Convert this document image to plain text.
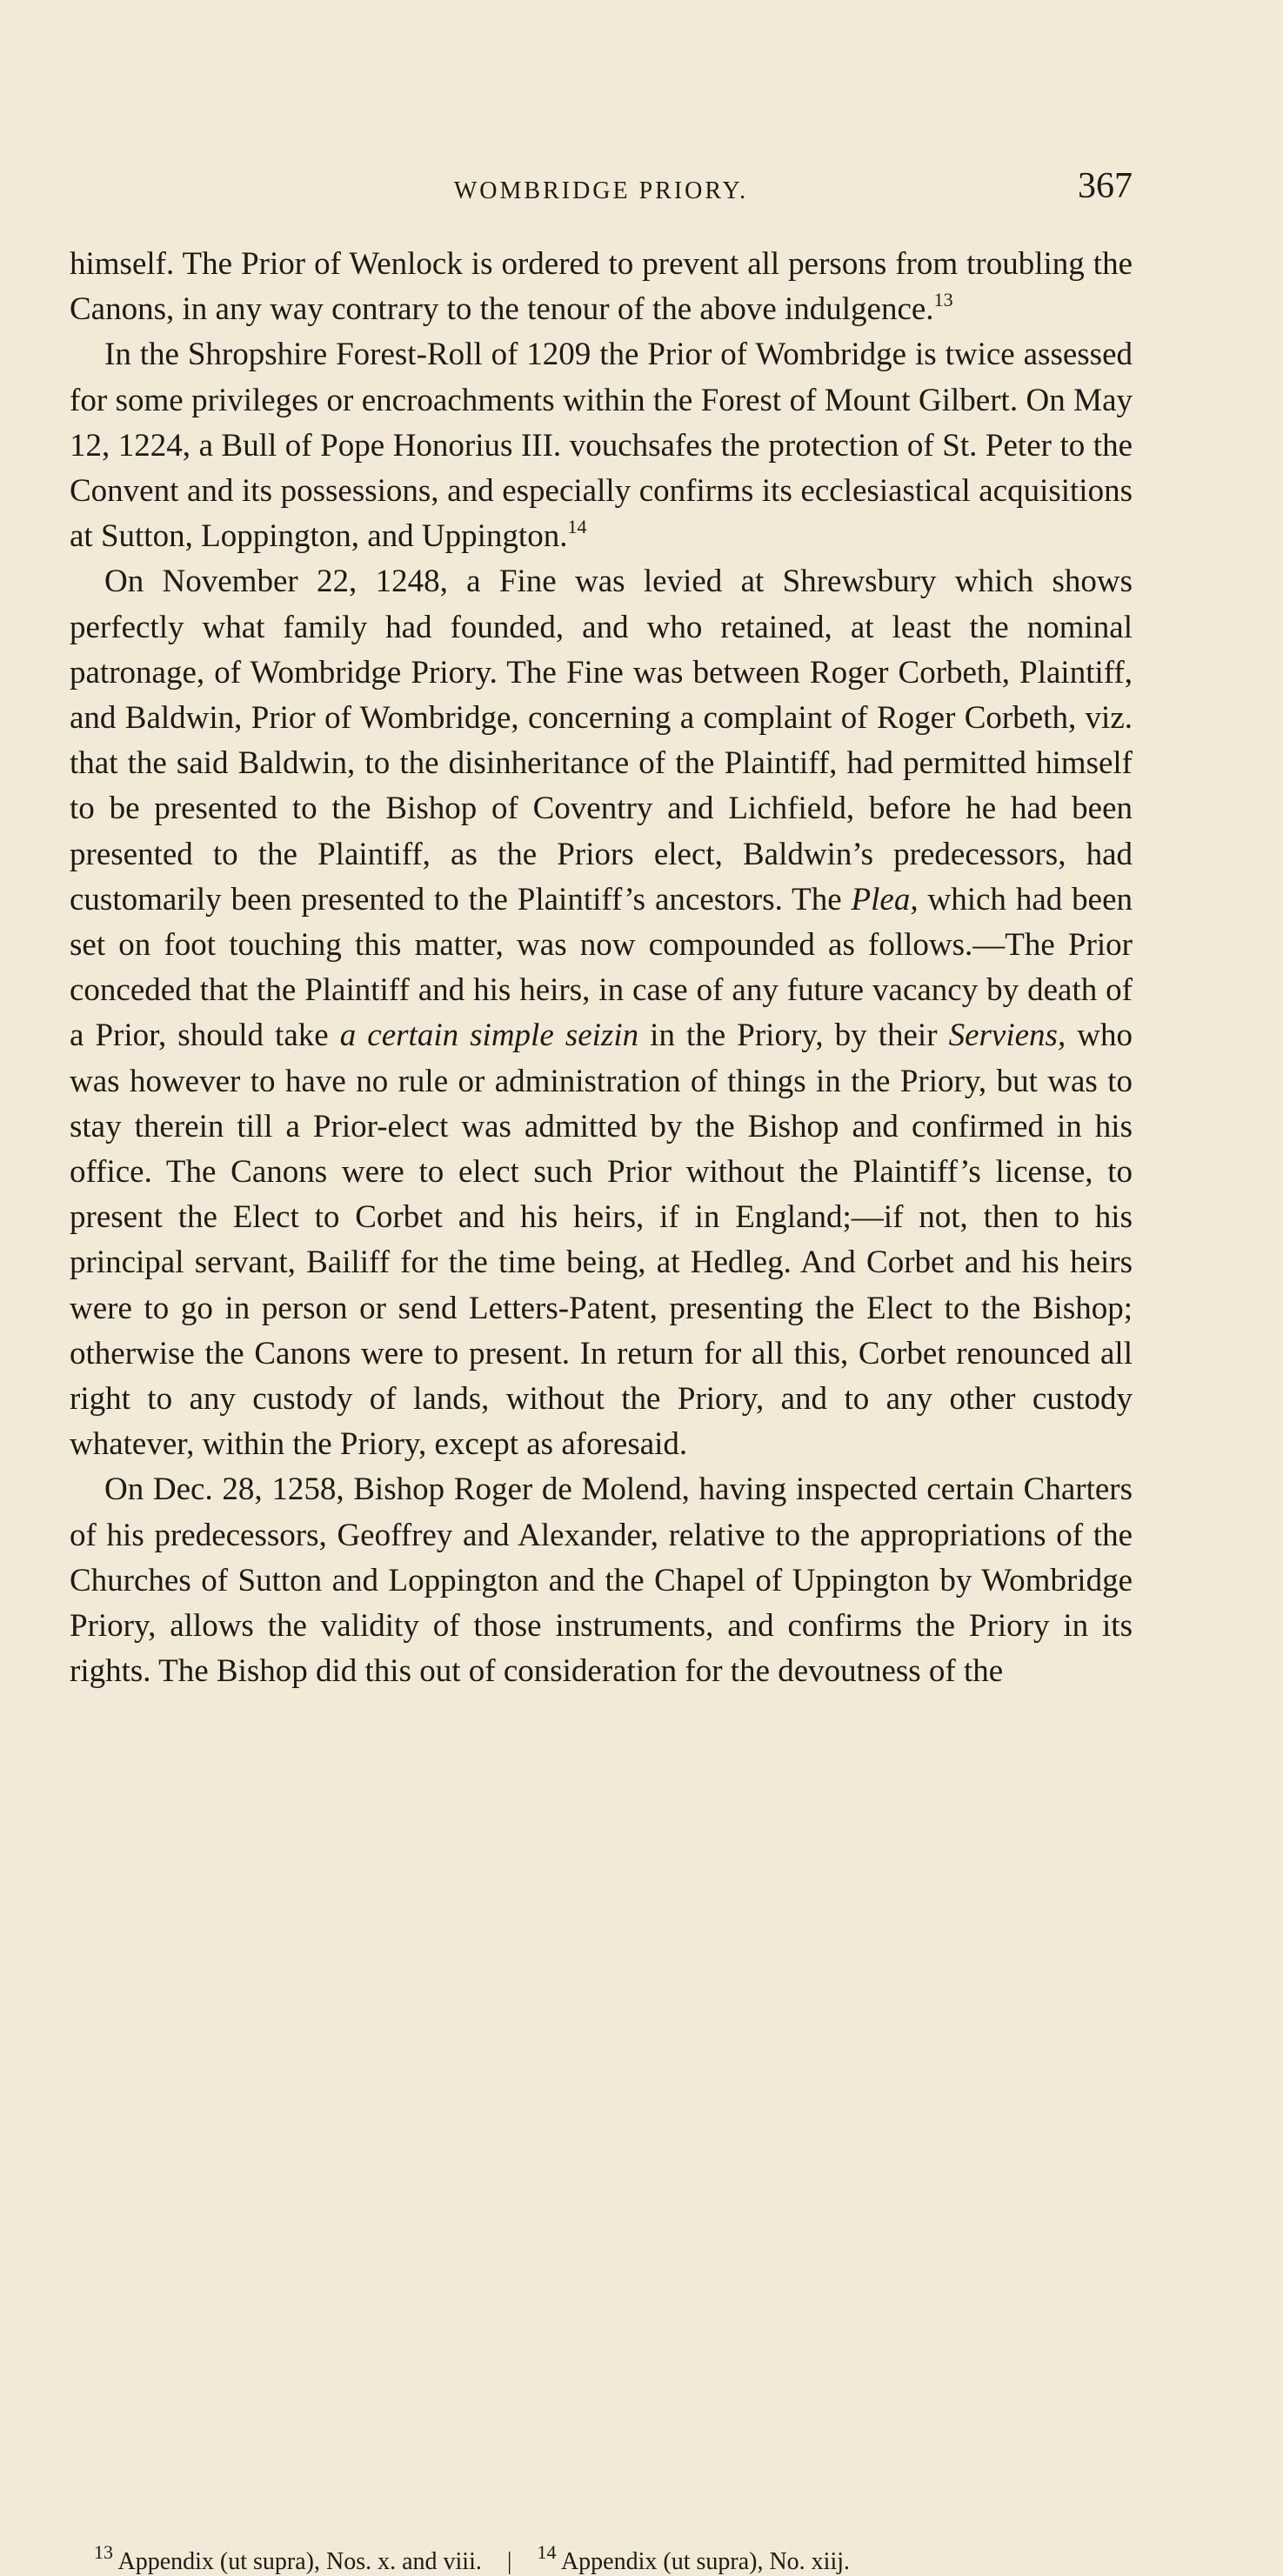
WOMBRIDGE PRIORY.	367

himself. The Prior of Wenlock is ordered to prevent all persons from troubling the Canons, in any way contrary to the tenour of the above indulgence.$^{13}$

In the Shropshire Forest-Roll of 1209 the Prior of Wombridge is twice assessed for some privileges or encroachments within the Forest of Mount Gilbert. On May 12, 1224, a Bull of Pope Honorius III. vouchsafes the protection of St. Peter to the Convent and its possessions, and especially confirms its ecclesiastical acquisitions at Sutton, Loppington, and Uppington.$^{14}$

On November 22, 1248, a Fine was levied at Shrewsbury which shows perfectly what family had founded, and who retained, at least the nominal patronage, of Wombridge Priory. The Fine was between Roger Corbeth, Plaintiff, and Baldwin, Prior of Wombridge, concerning a complaint of Roger Corbeth, viz. that the said Baldwin, to the disinheritance of the Plaintiff, had permitted himself to be presented to the Bishop of Coventry and Lichfield, before he had been presented to the Plaintiff, as the Priors elect, Baldwin’s predecessors, had customarily been presented to the Plaintiff’s ancestors. The Plea, which had been set on foot touching this matter, was now compounded as follows.—The Prior conceded that the Plaintiff and his heirs, in case of any future vacancy by death of a Prior, should take a certain simple seizin in the Priory, by their Serviens, who was however to have no rule or administration of things in the Priory, but was to stay therein till a Prior-elect was admitted by the Bishop and confirmed in his office. The Canons were to elect such Prior without the Plaintiff’s license, to present the Elect to Corbet and his heirs, if in England;—if not, then to his principal servant, Bailiff for the time being, at Hedleg. And Corbet and his heirs were to go in person or send Letters-Patent, presenting the Elect to the Bishop; otherwise the Canons were to present. In return for all this, Corbet renounced all right to any custody of lands, without the Priory, and to any other custody whatever, within the Priory, except as aforesaid.

On Dec. 28, 1258, Bishop Roger de Molend, having inspected certain Charters of his predecessors, Geoffrey and Alexander, relative to the appropriations of the Churches of Sutton and Loppington and the Chapel of Uppington by Wombridge Priory, allows the validity of those instruments, and confirms the Priory in its rights. The Bishop did this out of consideration for the devoutness of the

$^{13}$ Appendix (ut supra), Nos. x. and viii. | $^{14}$ Appendix (ut supra), No. xiij.
